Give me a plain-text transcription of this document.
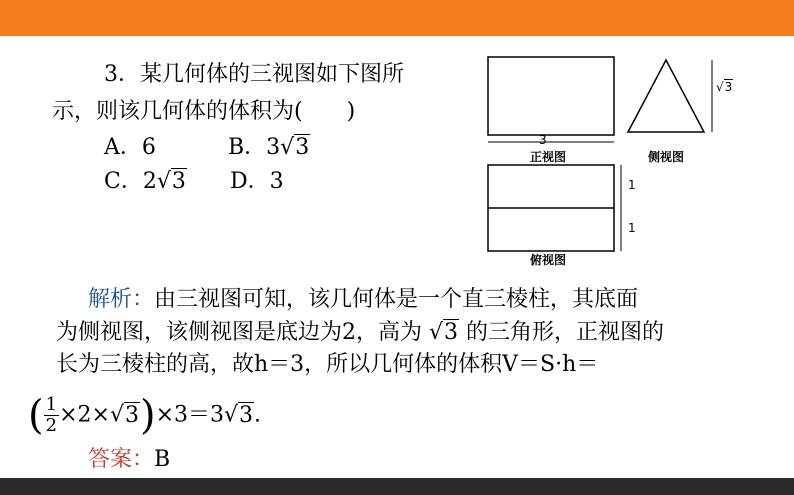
3．某几何体的三视图如下图所
示，则该几何体的体积为(　　)
A．6	B．3√3
C．2√3 D．3
3
正视图
√3
侧视图
1
1
俯视图
解析：由三视图可知，该几何体是一个直三棱柱，其底面
为侧视图，该侧视图是底边为2，高为 √3 的三角形，正视图的
长为三棱柱的高，故h＝3，所以几何体的体积V＝S·h＝
( $\frac{1}{2} \times 2\times√3)\times 3=3√3$.
答案：B
